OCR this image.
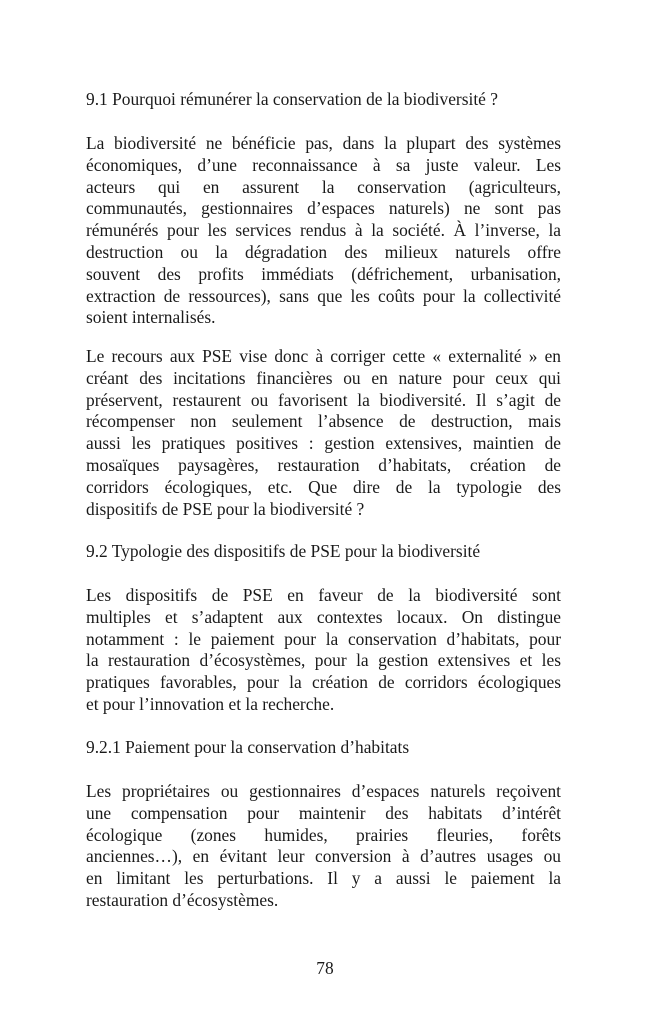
9.1 Pourquoi rémunérer la conservation de la biodiversité ?
La biodiversité ne bénéficie pas, dans la plupart des systèmes
économiques, d’une reconnaissance à sa juste valeur. Les
acteurs qui en assurent la conservation (agriculteurs,
communautés, gestionnaires d’espaces naturels) ne sont pas
rémunérés pour les services rendus à la société. À l’inverse, la
destruction ou la dégradation des milieux naturels offre
souvent des profits immédiats (défrichement, urbanisation,
extraction de ressources), sans que les coûts pour la collectivité
soient internalisés.
Le recours aux PSE vise donc à corriger cette « externalité » en
créant des incitations financières ou en nature pour ceux qui
préservent, restaurent ou favorisent la biodiversité. Il s’agit de
récompenser non seulement l’absence de destruction, mais
aussi les pratiques positives : gestion extensives, maintien de
mosaïques paysagères, restauration d’habitats, création de
corridors écologiques, etc. Que dire de la typologie des
dispositifs de PSE pour la biodiversité ?
9.2 Typologie des dispositifs de PSE pour la biodiversité
Les dispositifs de PSE en faveur de la biodiversité sont
multiples et s’adaptent aux contextes locaux. On distingue
notamment : le paiement pour la conservation d’habitats, pour
la restauration d’écosystèmes, pour la gestion extensives et les
pratiques favorables, pour la création de corridors écologiques
et pour l’innovation et la recherche.
9.2.1 Paiement pour la conservation d’habitats
Les propriétaires ou gestionnaires d’espaces naturels reçoivent
une compensation pour maintenir des habitats d’intérêt
écologique (zones humides, prairies fleuries, forêts
anciennes…), en évitant leur conversion à d’autres usages ou
en limitant les perturbations. Il y a aussi le paiement la
restauration d’écosystèmes.
78
